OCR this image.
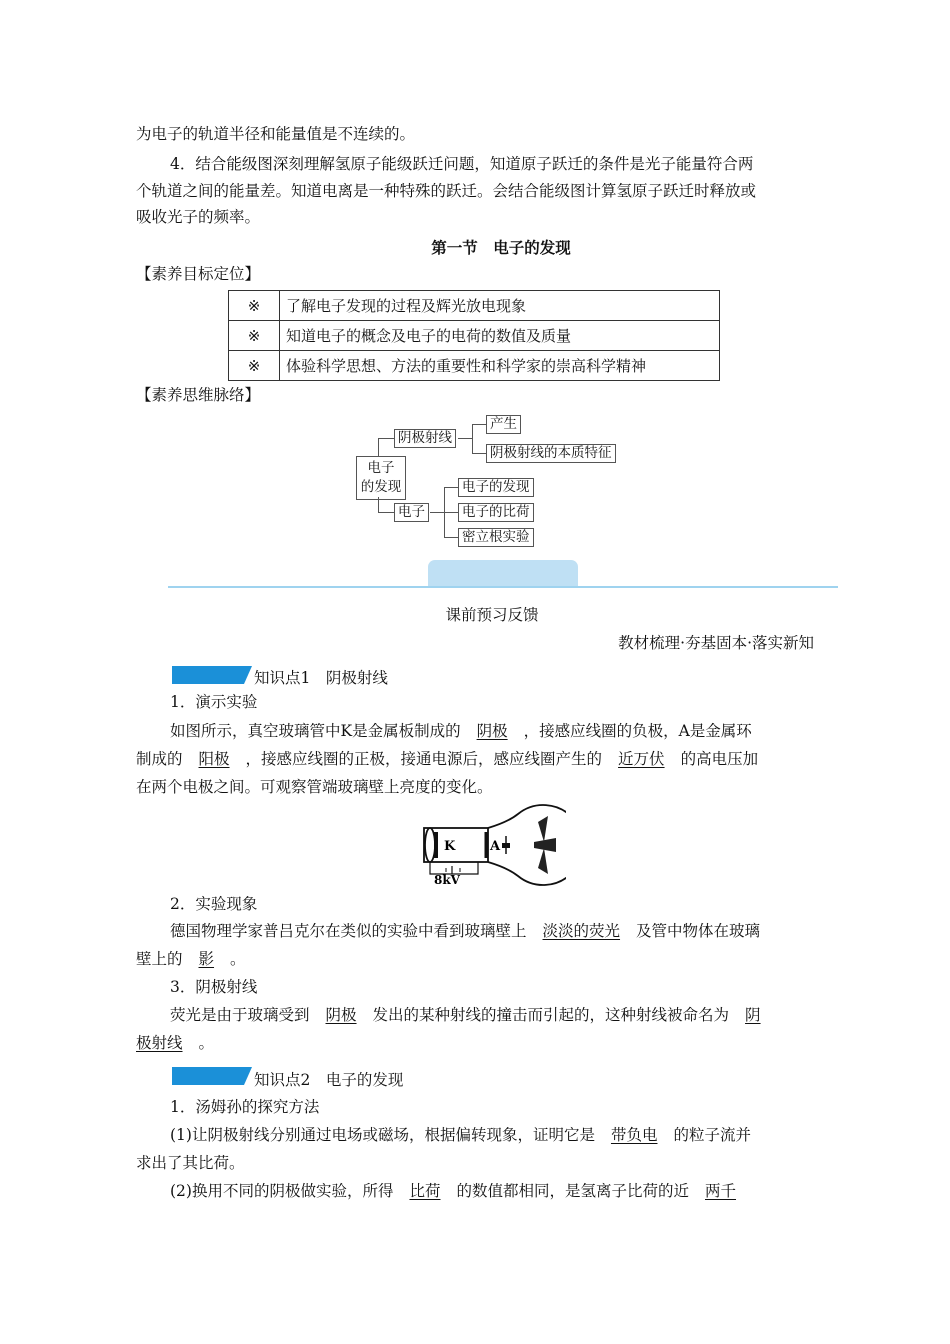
为电子的轨道半径和能量值是不连续的。
4．结合能级图深刻理解氢原子能级跃迁问题，知道原子跃迁的条件是光子能量符合两
个轨道之间的能量差。知道电离是一种特殊的跃迁。会结合能级图计算氢原子跃迁时释放或
吸收光子的频率。
第一节　电子的发现
【素养目标定位】
※	了解电子发现的过程及辉光放电现象
※	知道电子的概念及电子的电荷的数值及质量
※	体验科学思想、方法的重要性和科学家的崇高科学精神
【素养思维脉络】
电子
的发现
阴极射线
产生
阴极射线的本质特征
电子
电子的发现
电子的比荷
密立根实验
课前预习反馈
教材梳理·夯基固本·落实新知
知识点1　阴极射线
1．演示实验
如图所示，真空玻璃管中K是金属板制成的 阴极 ，接感应线圈的负极，A是金属环
制成的 阳极 ，接感应线圈的正极，接通电源后，感应线圈产生的 近万伏 的高电压加
在两个电极之间。可观察管端玻璃壁上亮度的变化。
K	A
8kV
2．实验现象
德国物理学家普吕克尔在类似的实验中看到玻璃壁上 淡淡的荧光 及管中物体在玻璃
壁上的 影 。
3．阴极射线
荧光是由于玻璃受到 阴极 发出的某种射线的撞击而引起的，这种射线被命名为 阴
极射线 。
知识点2　电子的发现
1．汤姆孙的探究方法
(1)让阴极射线分别通过电场或磁场，根据偏转现象，证明它是 带负电 的粒子流并
求出了其比荷。
(2)换用不同的阴极做实验，所得 比荷 的数值都相同，是氢离子比荷的近 两千
